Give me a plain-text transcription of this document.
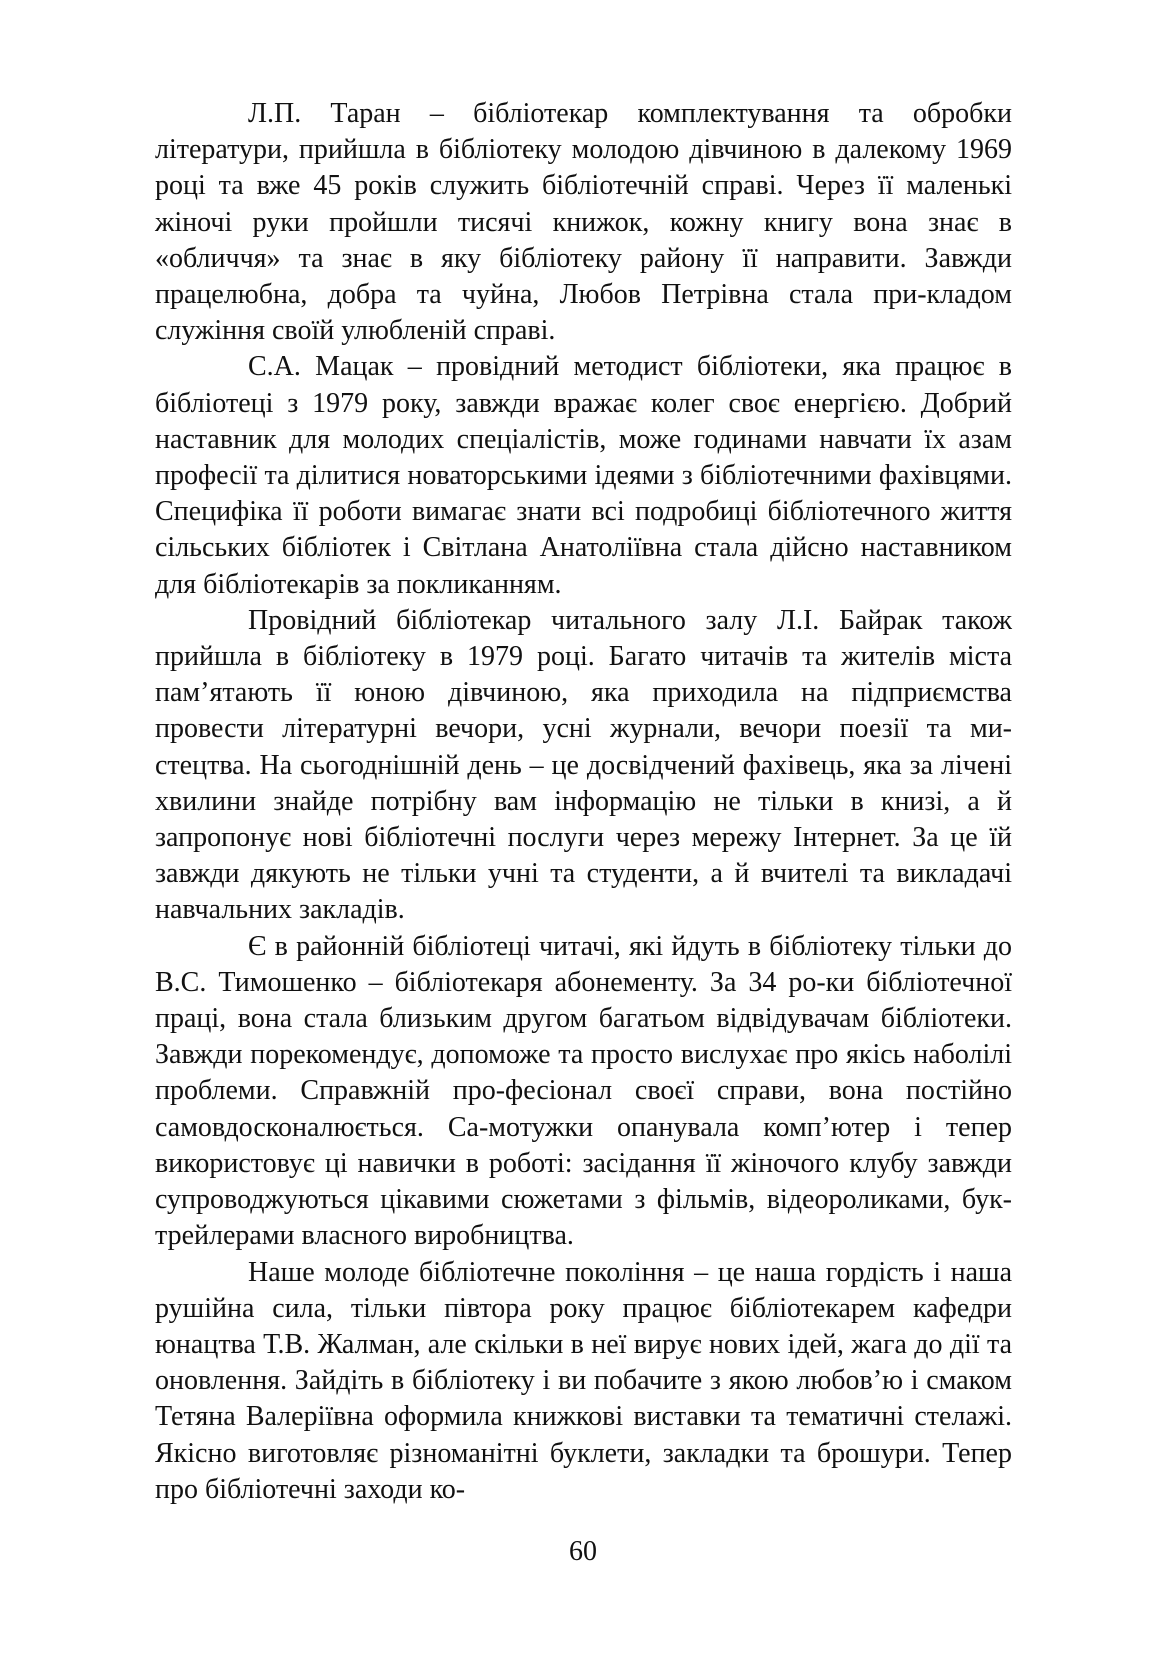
Л.П. Таран – бібліотекар комплектування та обробки літератури, прийшла в бібліотеку молодою дівчиною в далекому 1969 році та вже 45 років служить бібліотечній справі. Через її маленькі жіночі руки пройшли тисячі книжок, кожну книгу вона знає в «обличчя» та знає в яку бібліотеку району її направити. Завжди працелюбна, добра та чуйна, Любов Петрівна стала при-кладом служіння своїй улюбленій справі.

С.А. Мацак – провідний методист бібліотеки, яка працює в бібліотеці з 1979 року, завжди вражає колег своє енергією. Добрий наставник для молодих спеціалістів, може годинами навчати їх азам професії та ділитися новаторськими ідеями з бібліотечними фахівцями. Специфіка її роботи вимагає знати всі подробиці бібліотечного життя сільських бібліотек і Світлана Анатоліївна стала дійсно наставником для бібліотекарів за покликанням.

Провідний бібліотекар читального залу Л.І. Байрак також прийшла в бібліотеку в 1979 році. Багато читачів та жителів міста пам’ятають її юною дівчиною, яка приходила на підприємства провести літературні вечори, усні журнали, вечори поезії та ми-стецтва. На сьогоднішній день – це досвідчений фахівець, яка за лічені хвилини знайде потрібну вам інформацію не тільки в книзі, а й запропонує нові бібліотечні послуги через мережу Інтернет. За це їй завжди дякують не тільки учні та студенти, а й вчителі та викладачі навчальних закладів.

Є в районній бібліотеці читачі, які йдуть в бібліотеку тільки до В.С. Тимошенко – бібліотекаря абонементу. За 34 ро-ки бібліотечної праці, вона стала близьким другом багатьом відвідувачам бібліотеки. Завжди порекомендує, допоможе та просто вислухає про якісь наболілі проблеми. Справжній про-фесіонал своєї справи, вона постійно самовдосконалюється. Са-мотужки опанувала комп’ютер і тепер використовує ці навички в роботі: засідання її жіночого клубу завжди супроводжуються цікавими сюжетами з фільмів, відеороликами, бук-трейлерами власного виробництва.

Наше молоде бібліотечне покоління – це наша гордість і наша рушійна сила, тільки півтора року працює бібліотекарем кафедри юнацтва Т.В. Жалман, але скільки в неї вирує нових ідей, жага до дії та оновлення. Зайдіть в бібліотеку і ви побачите з якою любов’ю і смаком Тетяна Валеріївна оформила книжкові виставки та тематичні стелажі. Якісно виготовляє різноманітні буклети, закладки та брошури. Тепер про бібліотечні заходи ко-

60
